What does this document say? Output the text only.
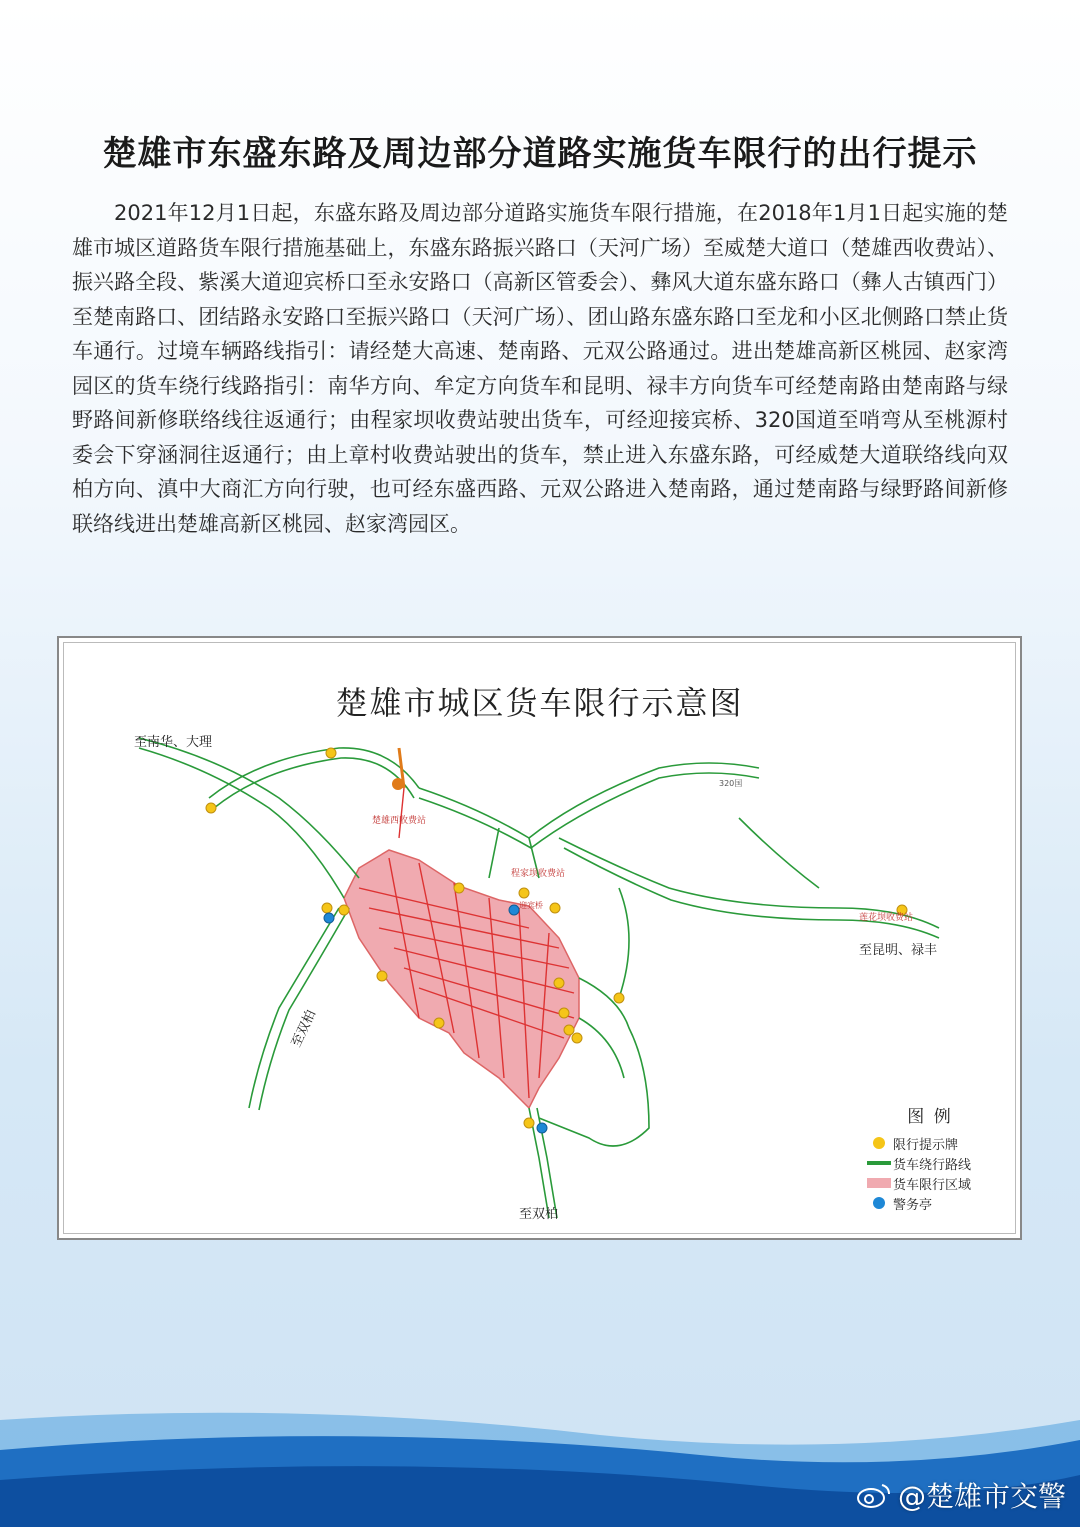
楚雄市东盛东路及周边部分道路实施货车限行的出行提示
2021年12月1日起，东盛东路及周边部分道路实施货车限行措施，在2018年1月1日起实施的楚雄市城区道路货车限行措施基础上，东盛东路振兴路口（天河广场）至威楚大道口（楚雄西收费站）、振兴路全段、紫溪大道迎宾桥口至永安路口（高新区管委会）、彝风大道东盛东路口（彝人古镇西门）至楚南路口、团结路永安路口至振兴路口（天河广场）、团山路东盛东路口至龙和小区北侧路口禁止货车通行。过境车辆路线指引：请经楚大高速、楚南路、元双公路通过。进出楚雄高新区桃园、赵家湾园区的货车绕行线路指引：南华方向、牟定方向货车和昆明、禄丰方向货车可经楚南路由楚南路与绿野路间新修联络线往返通行；由程家坝收费站驶出货车，可经迎接宾桥、320国道至哨弯从至桃源村委会下穿涵洞往返通行；由上章村收费站驶出的货车，禁止进入东盛东路，可经威楚大道联络线向双柏方向、滇中大商汇方向行驶，也可经东盛西路、元双公路进入楚南路，通过楚南路与绿野路间新修联络线进出楚雄高新区桃园、赵家湾园区。
楚雄市城区货车限行示意图
至南华、大理
至昆明、禄丰
至双柏
至双柏
楚雄西收费站
程家坝收费站
莲花坝收费站
迎宾桥
320国
图 例
限行提示牌
货车绕行路线
货车限行区域
警务亭
@楚雄市交警
